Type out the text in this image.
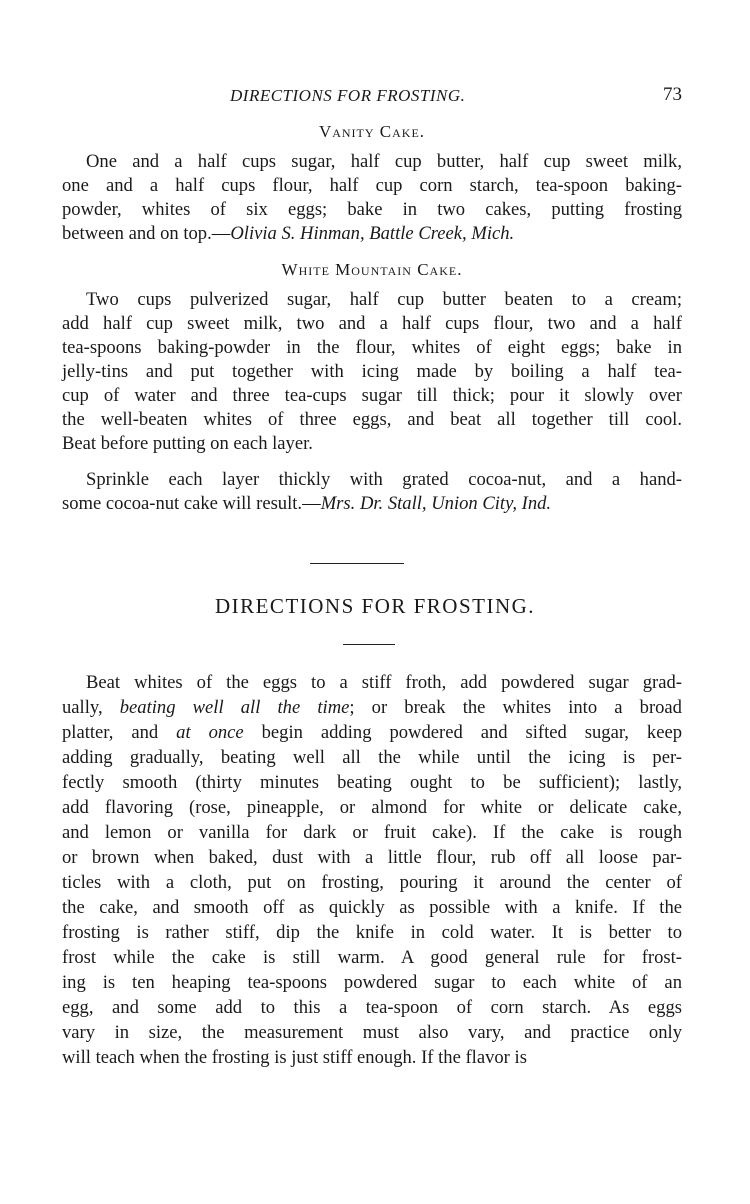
DIRECTIONS FOR FROSTING.	73
Vanity Cake.
One and a half cups sugar, half cup butter, half cup sweet milk,
one and a half cups flour, half cup corn starch, tea-spoon baking-
powder, whites of six eggs; bake in two cakes, putting frosting
between and on top.—Olivia S. Hinman, Battle Creek, Mich.
White Mountain Cake.
Two cups pulverized sugar, half cup butter beaten to a cream;
add half cup sweet milk, two and a half cups flour, two and a half
tea-spoons baking-powder in the flour, whites of eight eggs; bake in
jelly-tins and put together with icing made by boiling a half tea-
cup of water and three tea-cups sugar till thick; pour it slowly over
the well-beaten whites of three eggs, and beat all together till cool.
Beat before putting on each layer.
Sprinkle each layer thickly with grated cocoa-nut, and a hand-
some cocoa-nut cake will result.—Mrs. Dr. Stall, Union City, Ind.
DIRECTIONS FOR FROSTING.
Beat whites of the eggs to a stiff froth, add powdered sugar grad-
ually, beating well all the time; or break the whites into a broad
platter, and at once begin adding powdered and sifted sugar, keep
adding gradually, beating well all the while until the icing is per-
fectly smooth (thirty minutes beating ought to be sufficient); lastly,
add flavoring (rose, pineapple, or almond for white or delicate cake,
and lemon or vanilla for dark or fruit cake). If the cake is rough
or brown when baked, dust with a little flour, rub off all loose par-
ticles with a cloth, put on frosting, pouring it around the center of
the cake, and smooth off as quickly as possible with a knife. If the
frosting is rather stiff, dip the knife in cold water. It is better to
frost while the cake is still warm. A good general rule for frost-
ing is ten heaping tea-spoons powdered sugar to each white of an
egg, and some add to this a tea-spoon of corn starch. As eggs
vary in size, the measurement must also vary, and practice only
will teach when the frosting is just stiff enough. If the flavor is
